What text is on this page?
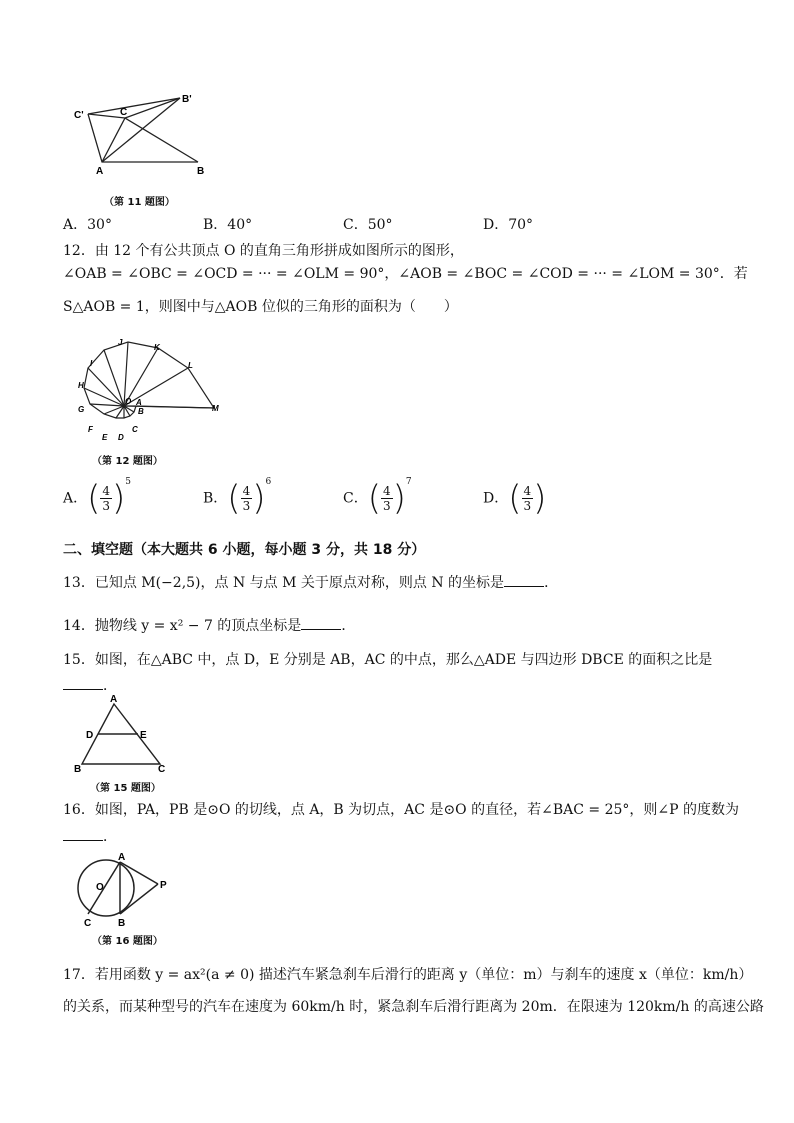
C'	C
B'
A	B
（第 11 题图）
A．30°	B．40°	C．50°	D．70°
12．由 12 个有公共顶点 O 的直角三角形拼成如图所示的图形，
∠OAB = ∠OBC = ∠OCD = ··· = ∠OLM = 90°，∠AOB = ∠BOC = ∠COD = ··· = ∠LOM = 30°．若
S△AOB = 1，则图中与△AOB 位似的三角形的面积为（　　）
J
K
I	L
H
O A
B	M
G
C
F
E D
（第 12 题图）
A．( $\frac{4}{3} )^5$
B．( $\frac{4}{3} )^6$
C．( $\frac{4}{3} )^7$
D．( $\frac{4}{3}$ )
二、填空题（本大题共 6 小题，每小题 3 分，共 18 分）
13．已知点 M(−2,5)，点 N 与点 M 关于原点对称，则点 N 的坐标是	．
14．抛物线 y = x² − 7 的顶点坐标是	．
15．如图，在△ABC 中，点 D，E 分别是 AB，AC 的中点，那么△ADE 与四边形 DBCE 的面积之比是
．
A
D	E
B	C
（第 15 题图）
16．如图，PA，PB 是⊙O 的切线，点 A，B 为切点，AC 是⊙O 的直径，若∠BAC = 25°，则∠P 的度数为
．
A
O	P
C	B
（第 16 题图）
17．若用函数 y = ax²(a ≠ 0) 描述汽车紧急刹车后滑行的距离 y（单位：m）与刹车的速度 x（单位：km/h）
的关系，而某种型号的汽车在速度为 60km/h 时，紧急刹车后滑行距离为 20m．在限速为 120km/h 的高速公路
